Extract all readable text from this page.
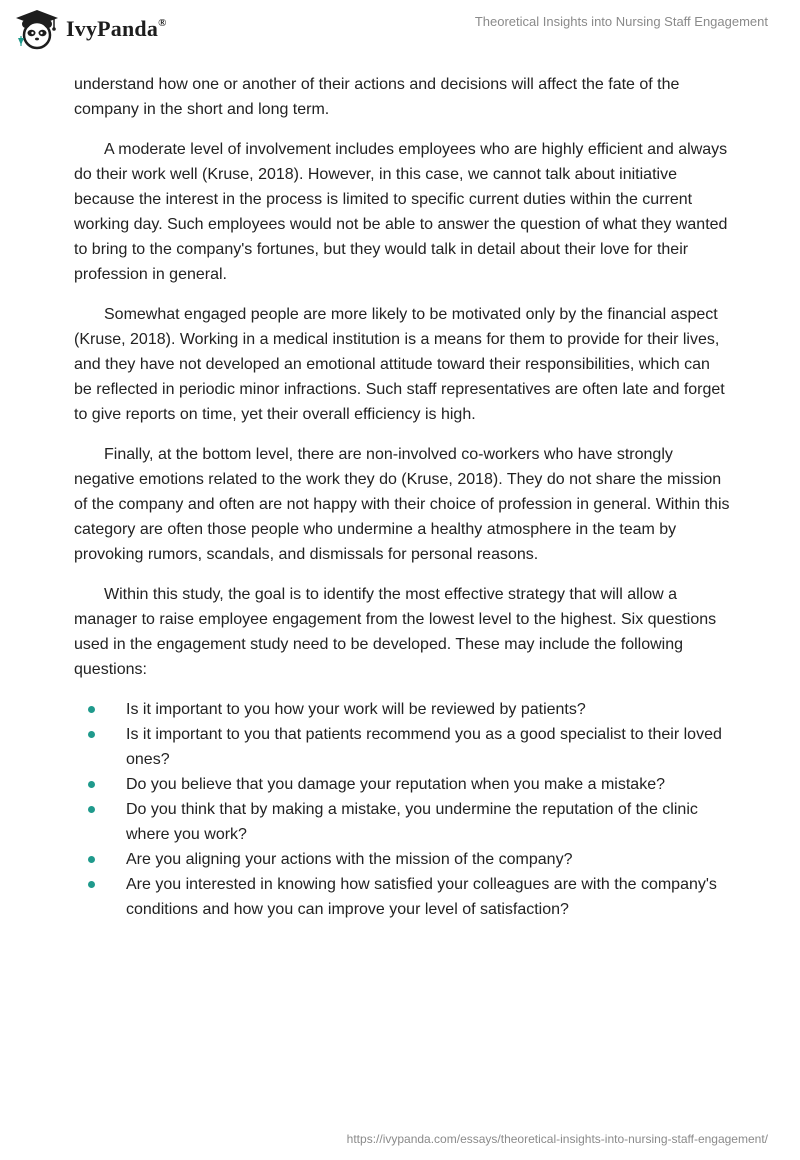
IvyPanda®	Theoretical Insights into Nursing Staff Engagement

understand how one or another of their actions and decisions will affect the fate of the company in the short and long term.

A moderate level of involvement includes employees who are highly efficient and always do their work well (Kruse, 2018). However, in this case, we cannot talk about initiative because the interest in the process is limited to specific current duties within the current working day. Such employees would not be able to answer the question of what they wanted to bring to the company's fortunes, but they would talk in detail about their love for their profession in general.

Somewhat engaged people are more likely to be motivated only by the financial aspect (Kruse, 2018). Working in a medical institution is a means for them to provide for their lives, and they have not developed an emotional attitude toward their responsibilities, which can be reflected in periodic minor infractions. Such staff representatives are often late and forget to give reports on time, yet their overall efficiency is high.

Finally, at the bottom level, there are non-involved co-workers who have strongly negative emotions related to the work they do (Kruse, 2018). They do not share the mission of the company and often are not happy with their choice of profession in general. Within this category are often those people who undermine a healthy atmosphere in the team by provoking rumors, scandals, and dismissals for personal reasons.

Within this study, the goal is to identify the most effective strategy that will allow a manager to raise employee engagement from the lowest level to the highest. Six questions used in the engagement study need to be developed. These may include the following questions:

Is it important to you how your work will be reviewed by patients?
Is it important to you that patients recommend you as a good specialist to their loved ones?
Do you believe that you damage your reputation when you make a mistake?
Do you think that by making a mistake, you undermine the reputation of the clinic where you work?
Are you aligning your actions with the mission of the company?
Are you interested in knowing how satisfied your colleagues are with the company's conditions and how you can improve your level of satisfaction?
https://ivypanda.com/essays/theoretical-insights-into-nursing-staff-engagement/
